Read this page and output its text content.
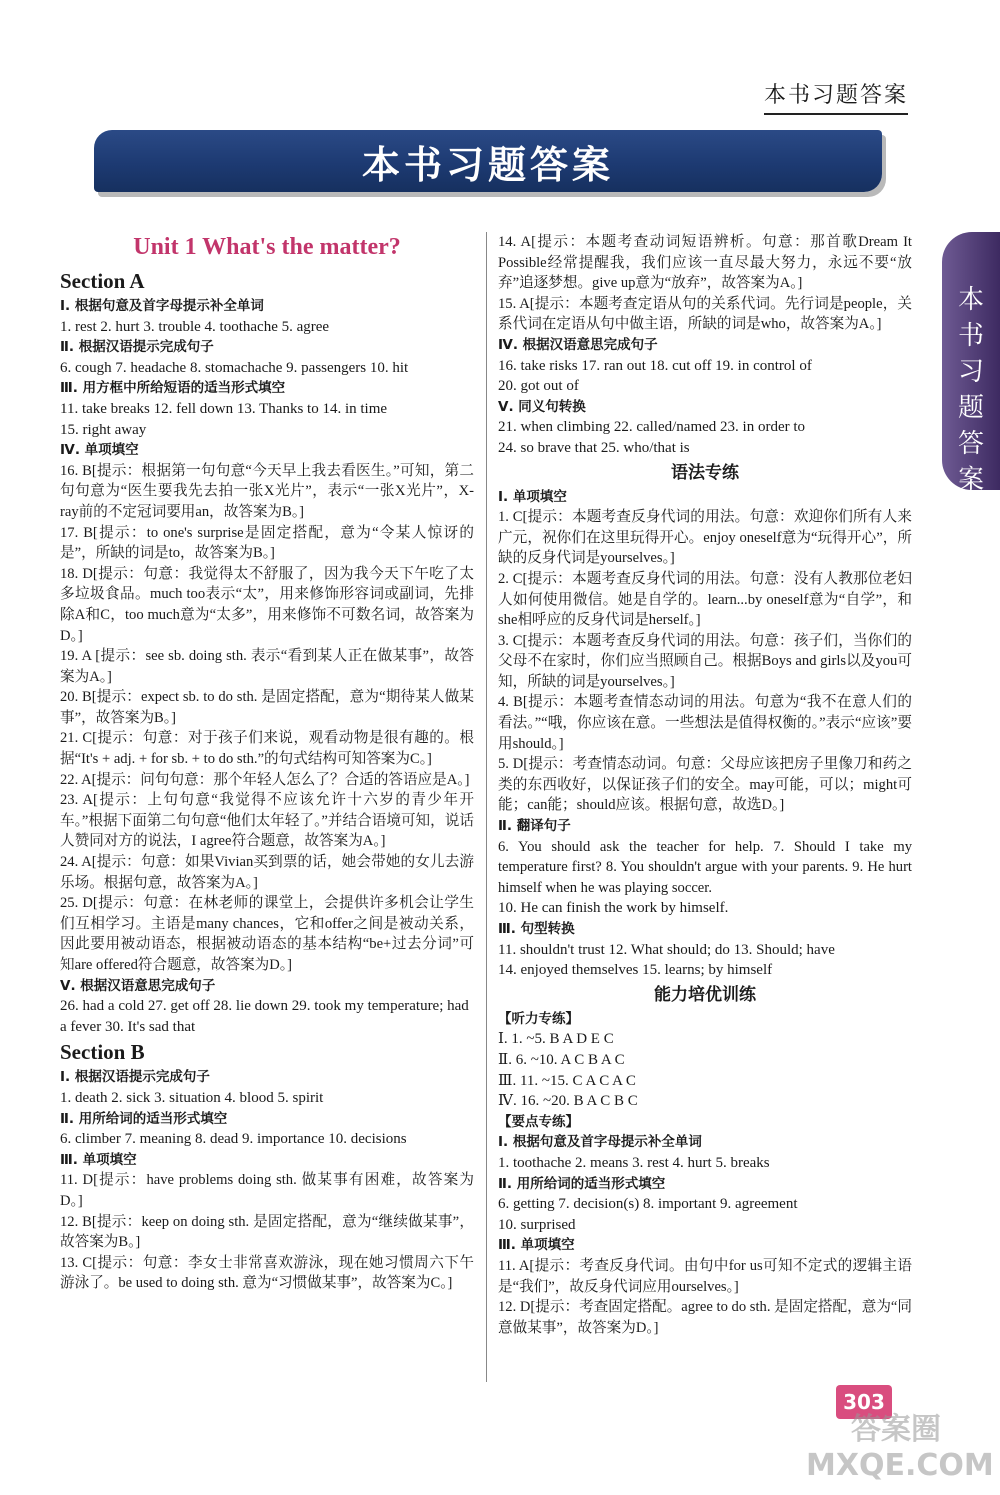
本书习题答案
本书习题答案
本书习题答案
Unit 1 What's the matter?
Section A
Ⅰ. 根据句意及首字母提示补全单词
1. rest 2. hurt 3. trouble 4. toothache 5. agree
Ⅱ. 根据汉语提示完成句子
6. cough 7. headache 8. stomachache 9. passengers 10. hit
Ⅲ. 用方框中所给短语的适当形式填空
11. take breaks 12. fell down 13. Thanks to 14. in time
15. right away
Ⅳ. 单项填空
16. B[提示：根据第一句句意“今天早上我去看医生。”可知，第二句句意为“医生要我先去拍一张X光片”，表示“一张X光片”，X-ray前的不定冠词要用an，故答案为B。]
17. B[提示：to one's surprise是固定搭配，意为“令某人惊讶的是”，所缺的词是to，故答案为B。]
18. D[提示：句意：我觉得太不舒服了，因为我今天下午吃了太多垃圾食品。much too表示“太”，用来修饰形容词或副词，先排除A和C，too much意为“太多”，用来修饰不可数名词，故答案为D。]
19. A [提示：see sb. doing sth. 表示“看到某人正在做某事”，故答案为A。]
20. B[提示：expect sb. to do sth. 是固定搭配，意为“期待某人做某事”，故答案为B。]
21. C[提示：句意：对于孩子们来说，观看动物是很有趣的。根据“It's + adj. + for sb. + to do sth.”的句式结构可知答案为C。]
22. A[提示：问句句意：那个年轻人怎么了？合适的答语应是A。]
23. A[提示：上句句意“我觉得不应该允许十六岁的青少年开车。”根据下面第二句句意“他们太年轻了。”并结合语境可知，说话人赞同对方的说法，I agree符合题意，故答案为A。]
24. A[提示：句意：如果Vivian买到票的话，她会带她的女儿去游乐场。根据句意，故答案为A。]
25. D[提示：句意：在林老师的课堂上，会提供许多机会让学生们互相学习。主语是many chances，它和offer之间是被动关系，因此要用被动语态，根据被动语态的基本结构“be+过去分词”可知are offered符合题意，故答案为D。]
Ⅴ. 根据汉语意思完成句子
26. had a cold 27. get off 28. lie down 29. took my temperature; had a fever 30. It's sad that
Section B
Ⅰ. 根据汉语提示完成句子
1. death 2. sick 3. situation 4. blood 5. spirit
Ⅱ. 用所给词的适当形式填空
6. climber 7. meaning 8. dead 9. importance 10. decisions
Ⅲ. 单项填空
11. D[提示：have problems doing sth. 做某事有困难，故答案为D。]
12. B[提示：keep on doing sth. 是固定搭配，意为“继续做某事”，故答案为B。]
13. C[提示：句意：李女士非常喜欢游泳，现在她习惯周六下午游泳了。be used to doing sth. 意为“习惯做某事”，故答案为C。]
14. A[提示：本题考查动词短语辨析。句意：那首歌Dream It Possible经常提醒我，我们应该一直尽最大努力，永远不要“放弃”追逐梦想。give up意为“放弃”，故答案为A。]
15. A[提示：本题考查定语从句的关系代词。先行词是people，关系代词在定语从句中做主语，所缺的词是who，故答案为A。]
Ⅳ. 根据汉语意思完成句子
16. take risks 17. ran out 18. cut off 19. in control of
20. got out of
Ⅴ. 同义句转换
21. when climbing 22. called/named 23. in order to
24. so brave that 25. who/that is
语法专练
Ⅰ. 单项填空
1. C[提示：本题考查反身代词的用法。句意：欢迎你们所有人来广元，祝你们在这里玩得开心。enjoy oneself意为“玩得开心”，所缺的反身代词是yourselves。]
2. C[提示：本题考查反身代词的用法。句意：没有人教那位老妇人如何使用微信。她是自学的。learn...by oneself意为“自学”，和she相呼应的反身代词是herself。]
3. C[提示：本题考查反身代词的用法。句意：孩子们，当你们的父母不在家时，你们应当照顾自己。根据Boys and girls以及you可知，所缺的词是yourselves。]
4. B[提示：本题考查情态动词的用法。句意为“我不在意人们的看法。”“哦，你应该在意。一些想法是值得权衡的。”表示“应该”要用should。]
5. D[提示：考查情态动词。句意：父母应该把房子里像刀和药之类的东西收好，以保证孩子们的安全。may可能，可以；might可能；can能；should应该。根据句意，故选D。]
Ⅱ. 翻译句子
6. You should ask the teacher for help. 7. Should I take my temperature first? 8. You shouldn't argue with your parents. 9. He hurt himself when he was playing soccer.
10. He can finish the work by himself.
Ⅲ. 句型转换
11. shouldn't trust 12. What should; do 13. Should; have
14. enjoyed themselves 15. learns; by himself
能力培优训练
【听力专练】
Ⅰ. 1. ~5. B A D E C
Ⅱ. 6. ~10. A C B A C
Ⅲ. 11. ~15. C A C A C
Ⅳ. 16. ~20. B A C B C
【要点专练】
Ⅰ. 根据句意及首字母提示补全单词
1. toothache 2. means 3. rest 4. hurt 5. breaks
Ⅱ. 用所给词的适当形式填空
6. getting 7. decision(s) 8. important 9. agreement
10. surprised
Ⅲ. 单项填空
11. A[提示：考查反身代词。由句中for us可知不定式的逻辑主语是“我们”，故反身代词应用ourselves。]
12. D[提示：考查固定搭配。agree to do sth. 是固定搭配，意为“同意做某事”，故答案为D。]
303
答案圈 MXQE.COM
